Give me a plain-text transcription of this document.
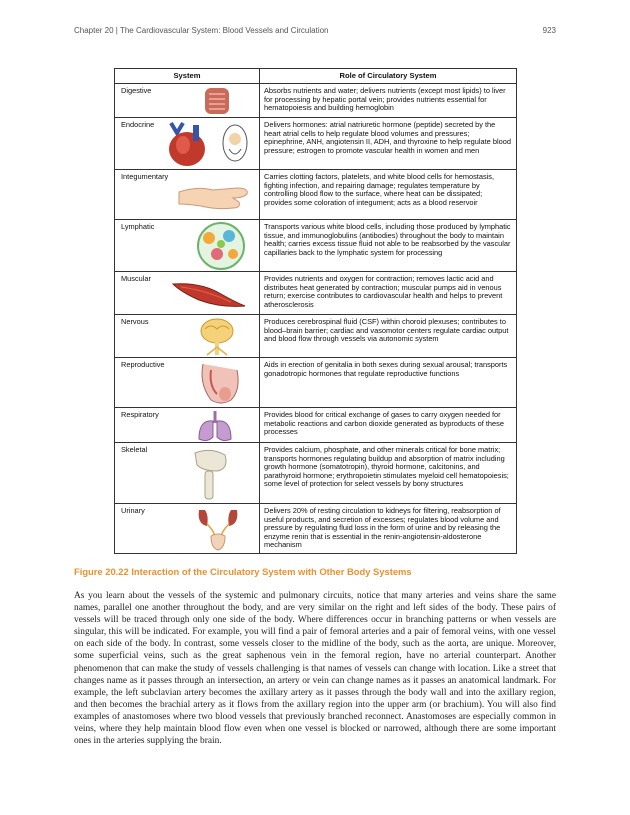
Chapter 20 | The Cardiovascular System: Blood Vessels and Circulation	923
System	Role of Circulatory System
Digestive	Absorbs nutrients and water; delivers nutrients (except most lipids) to liver for processing by hepatic portal vein; provides nutrients essential for hematopoiesis and building hemoglobin
Endocrine	Delivers hormones: atrial natriuretic hormone (peptide) secreted by the heart atrial cells to help regulate blood volumes and pressures; epinephrine, ANH, angiotensin II, ADH, and thyroxine to help regulate blood pressure; estrogen to promote vascular health in women and men
Integumentary	Carries clotting factors, platelets, and white blood cells for hemostasis, fighting infection, and repairing damage; regulates temperature by controlling blood flow to the surface, where heat can be dissipated; provides some coloration of integument; acts as a blood reservoir
Lymphatic	Transports various white blood cells, including those produced by lymphatic tissue, and immunoglobulins (antibodies) throughout the body to maintain health; carries excess tissue fluid not able to be reabsorbed by the vascular capillaries back to the lymphatic system for processing
Muscular	Provides nutrients and oxygen for contraction; removes lactic acid and distributes heat generated by contraction; muscular pumps aid in venous return; exercise contributes to cardiovascular health and helps to prevent atherosclerosis
Nervous	Produces cerebrospinal fluid (CSF) within choroid plexuses; contributes to blood–brain barrier; cardiac and vasomotor centers regulate cardiac output and blood flow through vessels via autonomic system
Reproductive	Aids in erection of genitalia in both sexes during sexual arousal; transports gonadotropic hormones that regulate reproductive functions
Respiratory	Provides blood for critical exchange of gases to carry oxygen needed for metabolic reactions and carbon dioxide generated as byproducts of these processes
Skeletal	Provides calcium, phosphate, and other minerals critical for bone matrix; transports hormones regulating buildup and absorption of matrix including growth hormone (somatotropin), thyroid hormone, calcitonins, and parathyroid hormone; erythropoietin stimulates myeloid cell hematopoiesis; some level of protection for select vessels by bony structures
Urinary	Delivers 20% of resting circulation to kidneys for filtering, reabsorption of useful products, and secretion of excesses; regulates blood volume and pressure by regulating fluid loss in the form of urine and by releasing the enzyme renin that is essential in the renin-angiotensin-aldosterone mechanism
Figure 20.22 Interaction of the Circulatory System with Other Body Systems

As you learn about the vessels of the systemic and pulmonary circuits, notice that many arteries and veins share the same names, parallel one another throughout the body, and are very similar on the right and left sides of the body. These pairs of vessels will be traced through only one side of the body. Where differences occur in branching patterns or when vessels are singular, this will be indicated. For example, you will find a pair of femoral arteries and a pair of femoral veins, with one vessel on each side of the body. In contrast, some vessels closer to the midline of the body, such as the aorta, are unique. Moreover, some superficial veins, such as the great saphenous vein in the femoral region, have no arterial counterpart. Another phenomenon that can make the study of vessels challenging is that names of vessels can change with location. Like a street that changes name as it passes through an intersection, an artery or vein can change names as it passes an anatomical landmark. For example, the left subclavian artery becomes the axillary artery as it passes through the body wall and into the axillary region, and then becomes the brachial artery as it flows from the axillary region into the upper arm (or brachium). You will also find examples of anastomoses where two blood vessels that previously branched reconnect. Anastomoses are especially common in veins, where they help maintain blood flow even when one vessel is blocked or narrowed, although there are some important ones in the arteries supplying the brain.
